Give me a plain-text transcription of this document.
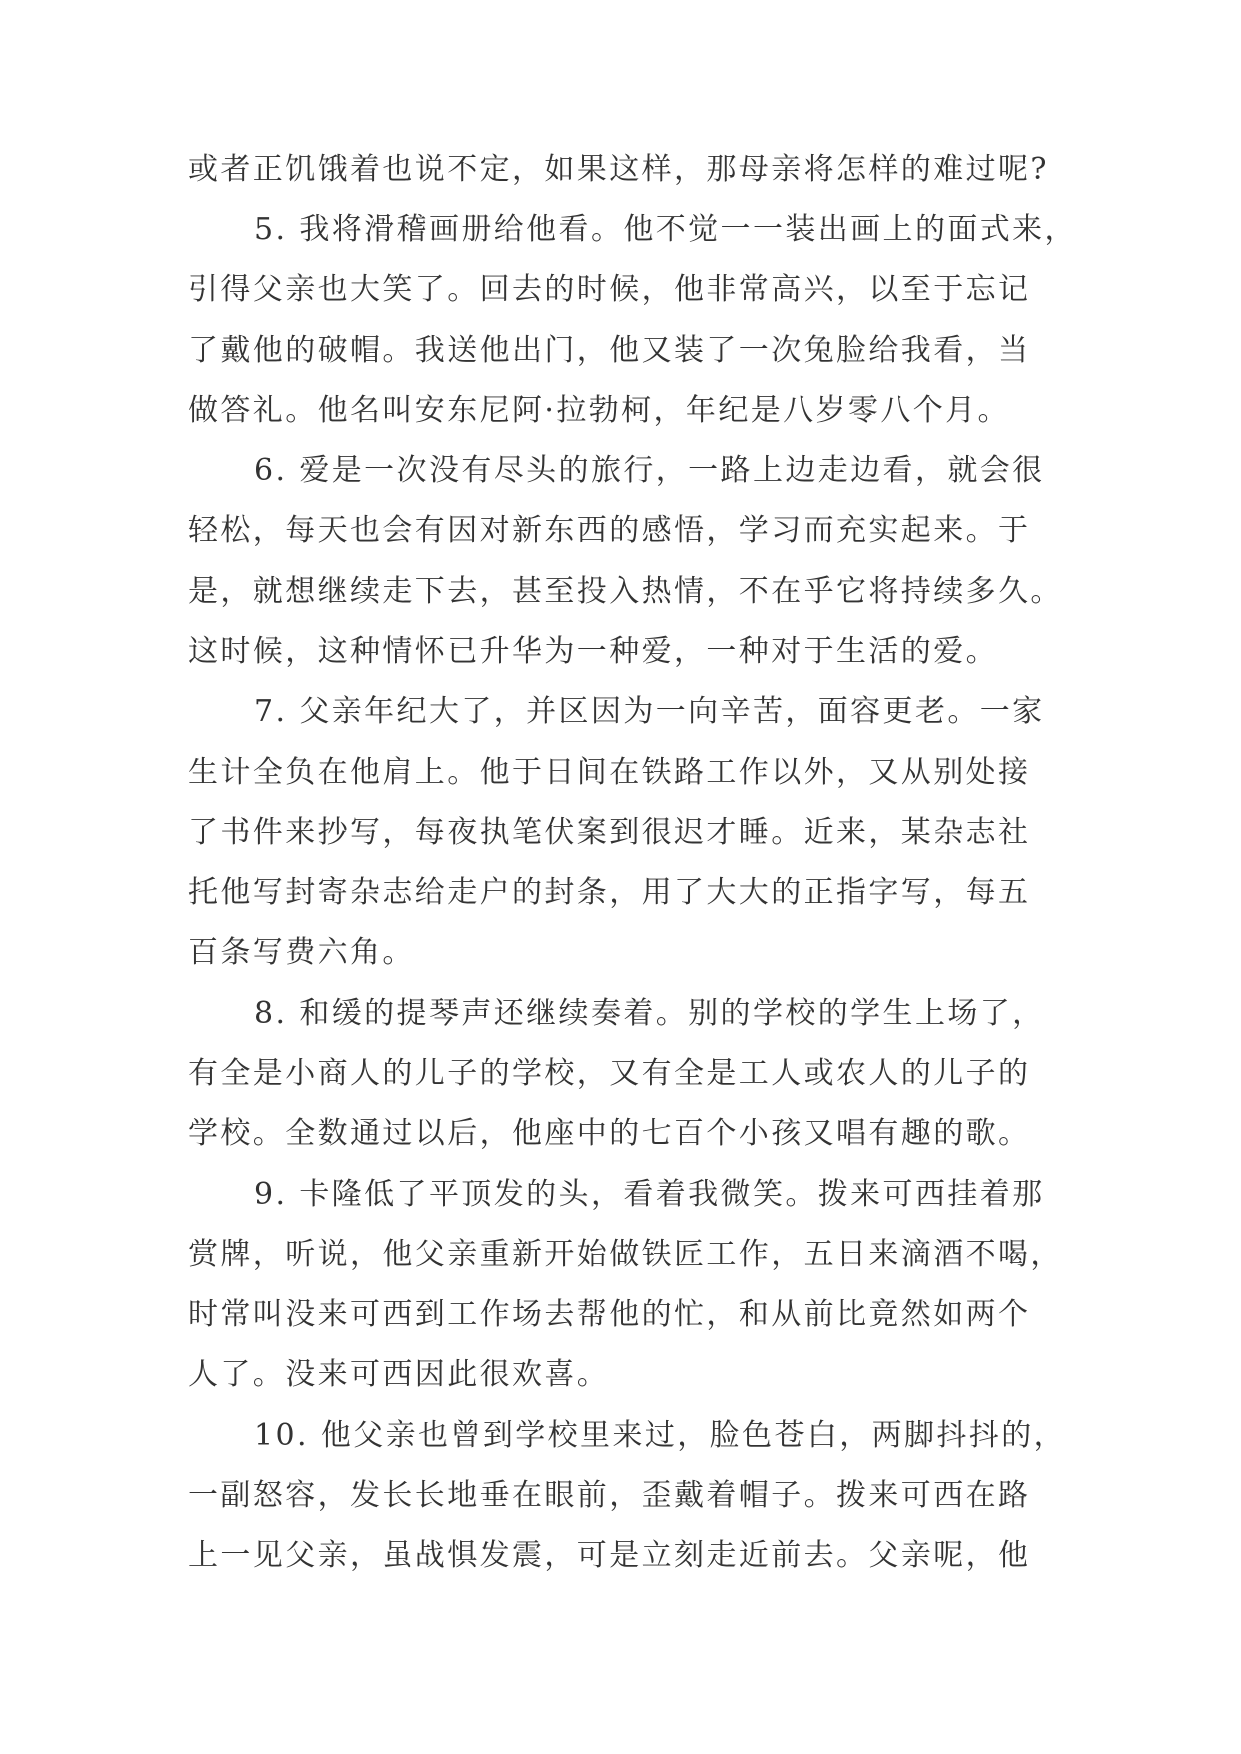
或者正饥饿着也说不定，如果这样，那母亲将怎样的难过呢?
5. 我将滑稽画册给他看。他不觉一一装出画上的面式来，
引得父亲也大笑了。回去的时候，他非常高兴，以至于忘记
了戴他的破帽。我送他出门，他又装了一次兔脸给我看，当
做答礼。他名叫安东尼阿·拉勃柯，年纪是八岁零八个月。
6. 爱是一次没有尽头的旅行，一路上边走边看，就会很
轻松，每天也会有因对新东西的感悟，学习而充实起来。于
是，就想继续走下去，甚至投入热情，不在乎它将持续多久。
这时候，这种情怀已升华为一种爱，一种对于生活的爱。
7. 父亲年纪大了，并区因为一向辛苦，面容更老。一家
生计全负在他肩上。他于日间在铁路工作以外，又从别处接
了书件来抄写，每夜执笔伏案到很迟才睡。近来，某杂志社
托他写封寄杂志给走户的封条，用了大大的正指字写，每五
百条写费六角。
8. 和缓的提琴声还继续奏着。别的学校的学生上场了，
有全是小商人的儿子的学校，又有全是工人或农人的儿子的
学校。全数通过以后，他座中的七百个小孩又唱有趣的歌。
9. 卡隆低了平顶发的头，看着我微笑。拨来可西挂着那
赏牌，听说，他父亲重新开始做铁匠工作，五日来滴酒不喝，
时常叫没来可西到工作场去帮他的忙，和从前比竟然如两个
人了。没来可西因此很欢喜。
10. 他父亲也曾到学校里来过，脸色苍白，两脚抖抖的，
一副怒容，发长长地垂在眼前，歪戴着帽子。拨来可西在路
上一见父亲，虽战惧发震，可是立刻走近前去。父亲呢，他
